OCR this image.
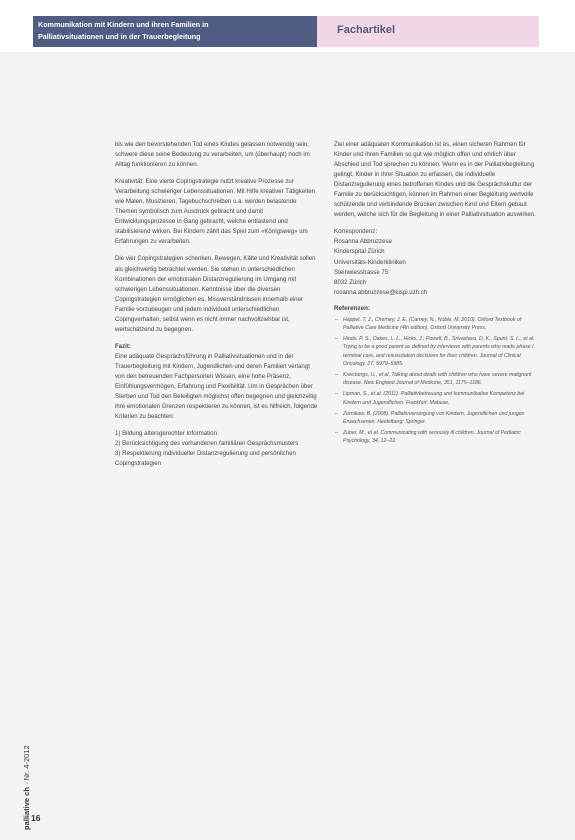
Kommunikation mit Kindern und ihren Familien in
Palliativsituationen und in der Trauerbegleitung
Fachartikel

bis wie den bevorstehenden Tod eines Kindes gelassen notwendig sein, schwere diese seine Bedeutung zu verarbeiten, um (überhaupt) noch im Alltag funktionieren zu können.

Kreativität: Eine vierte Copingstrategie nutzt kreative Prozesse zur Verarbeitung schwieriger Lebenssituationen. Mit Hilfe kreativer Tätigkeiten wie Malen, Musizieren, Tagebuchschreiben u.a. werden belastende Themen symbolisch zum Ausdruck gebracht und damit Entwicklungsprozesse in Gang gebracht, welche entlastend und stabilisierend wirken. Bei Kindern zählt das Spiel zum «Königsweg» um Erfahrungen zu verarbeiten.

Die vier Copingstrategien schenken, Bewegen, Kälte und Kreativität sollen als gleichwertig betrachtet werden. Sie stehen in unterschiedlichen Kombinationen der emotionalen Distanzregulierung im Umgang mit schwierigen Lebenssituationen. Kenntnisse über die diversen Copingstrategien ermöglichen es, Missverständnissen innerhalb einer Familie vorzubeugen und jedem individuell unterschiedlichen Copingverhalten, selbst wenn es nicht immer nachvollziehbar ist, wertschätzend zu begegnen.

Fazit:

Eine adäquate Gesprächsführung in Palliativsituationen und in der Trauerbegleitung mit Kindern, Jugendlichen und deren Familien verlangt von den betreuenden Fachpersonen Wissen, eine hohe Präsenz, Einfühlungsvermögen, Erfahrung und Flexibilität. Um in Gesprächen über Sterben und Tod den Beteiligten möglichst offen begegnen und gleichzeitig ihre emotionalen Grenzen respektieren zu können, ist es hilfreich, folgende Kriterien zu beachten:

1) Bildung altersgerechter Information
2) Berücksichtigung des vorhandenen familiären Gesprächsmusters
3) Respektierung individueller Distanzregulierung und persönlichen Copingstrategien

Ziel einer adäquaten Kommunikation ist es, einen sicheren Rahmen für Kinder und ihren Familien so gut wie möglich offen und ehrlich über Abschied und Tod sprechen zu können. Wenn es in der Palliativbegleitung gelingt, Kinder in ihrer Situation zu erfassen, die individuelle Distanzregulierung eines betroffenen Kindes und die Gesprächskultur der Familie zu berücksichtigen, können im Rahmen einer Begleitung wertvolle schützende und verbindende Brücken zwischen Kind und Eltern gebaut werden, welche sich für die Begleitung in einer Palliativsituation auswirken.

Korrespondenz:

Rosanna Abbruzzese

Kinderspital Zürich

Universitäts-Kinderkliniken

Steinwiesstrasse 75

8032 Zürich

rosanna.abbruzzese@kispi.uzh.ch

Referenzen:

– Happel, T. J., Cherney, J. E. (Carney, N., Noble, M. 2010). Oxford Textbook of Palliative Care Medicine (4th edition). Oxford University Press.
– Hinds, P. S., Oakes, L. L., Hicks, J., Powell, B., Srivastava, D. K., Spunt, S. L., et al. Trying to be a good parent as defined by interviews with parents who made phase I, terminal care, and resuscitation decisions for their children. Journal of Clinical Oncology, 27, 5979–5985.
– Kreicbergs, U., et al. Talking about death with children who have severe malignant disease. New England Journal of Medicine, 351, 1175–1186.
– Lipman, S., et al. (2011). Palliativbetreuung und kommunikative Kompetenz bei Kindern und Jugendlichen. Frankfurt: Mabuse.
– Zernikow, B. (2008). Palliativversorgung von Kindern, Jugendlichen und jungen Erwachsenen. Heidelberg: Springer.
– Zuber, M., et al. Communicating with seriously ill children. Journal of Pediatric Psychology, 34, 12–22.
palliative ch · Nr. 4-2012
16
